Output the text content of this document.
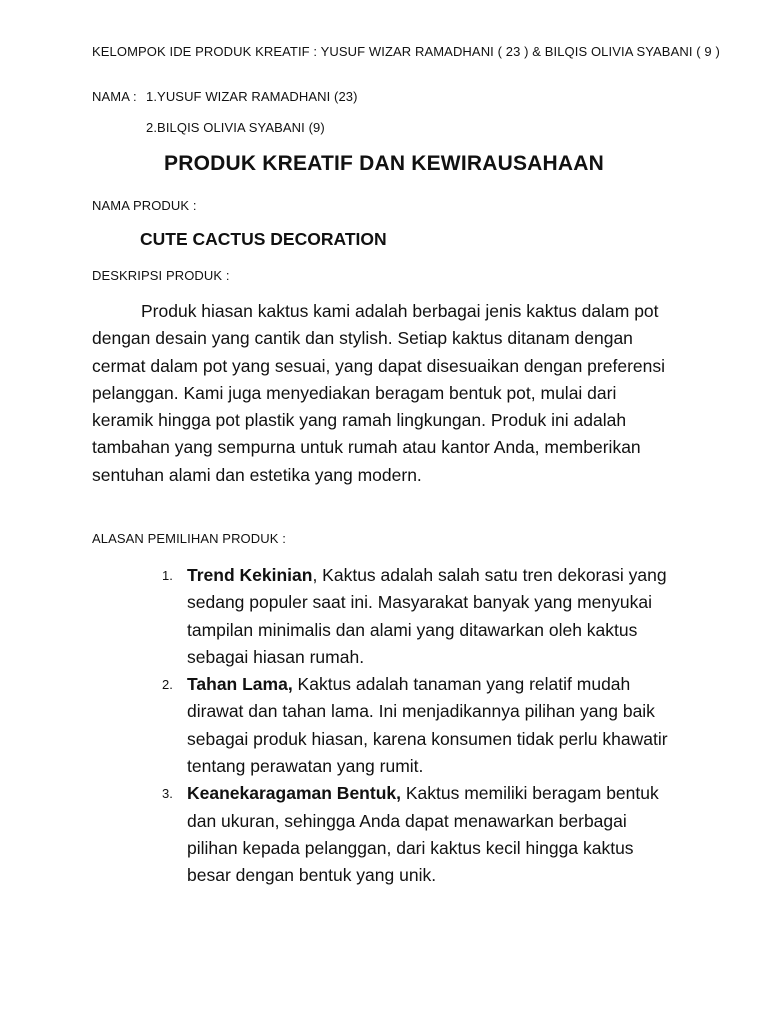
KELOMPOK IDE PRODUK KREATIF : YUSUF WIZAR RAMADHANI ( 23 ) & BILQIS OLIVIA SYABANI ( 9 )
NAMA : 1.YUSUF WIZAR RAMADHANI (23)
2.BILQIS OLIVIA SYABANI (9)
PRODUK KREATIF DAN KEWIRAUSAHAAN
NAMA PRODUK :
CUTE CACTUS DECORATION
DESKRIPSI PRODUK :

Produk hiasan kaktus kami adalah berbagai jenis kaktus dalam pot dengan desain yang cantik dan stylish. Setiap kaktus ditanam dengan cermat dalam pot yang sesuai, yang dapat disesuaikan dengan preferensi pelanggan. Kami juga menyediakan beragam bentuk pot, mulai dari keramik hingga pot plastik yang ramah lingkungan. Produk ini adalah tambahan yang sempurna untuk rumah atau kantor Anda, memberikan sentuhan alami dan estetika yang modern.

ALASAN PEMILIHAN PRODUK :
1. Trend Kekinian, Kaktus adalah salah satu tren dekorasi yang sedang populer saat ini. Masyarakat banyak yang menyukai tampilan minimalis dan alami yang ditawarkan oleh kaktus sebagai hiasan rumah.
2. Tahan Lama, Kaktus adalah tanaman yang relatif mudah dirawat dan tahan lama. Ini menjadikannya pilihan yang baik sebagai produk hiasan, karena konsumen tidak perlu khawatir tentang perawatan yang rumit.
3. Keanekaragaman Bentuk, Kaktus memiliki beragam bentuk dan ukuran, sehingga Anda dapat menawarkan berbagai pilihan kepada pelanggan, dari kaktus kecil hingga kaktus besar dengan bentuk yang unik.
